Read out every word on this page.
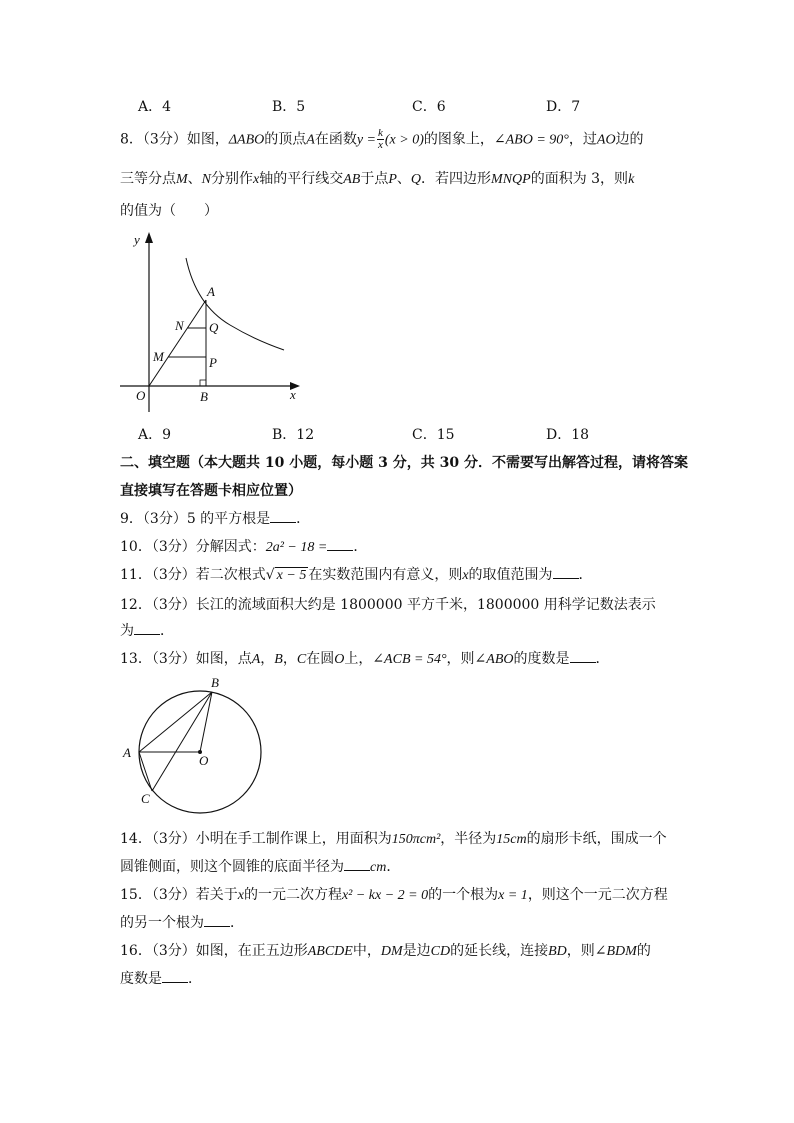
A．4	B．5	C．6	D．7
8．（3分）如图，ΔABO的顶点A在函数$y = \frac{k}{x} (x > 0)$的图象上，∠ABO = 90°，过AO边的
三等分点M、N分别作x轴的平行线交AB于点P、Q．若四边形MNQP的面积为 3，则k
的值为（　　）
y
x
O
A
B
N Q
M	P
B
A
O
C
A．9	B．12	C．15	D．18
二、填空题（本大题共 10 小题，每小题 3 分，共 30 分．不需要写出解答过程，请将答案
直接填写在答题卡相应位置）
9．（3分）5 的平方根是 ．
10．（3分）分解因式：2a² − 18 = ．
11．（3分）若二次根式√ x − 5 在实数范围内有意义，则x的取值范围为 ．
12．（3分）长江的流域面积大约是 1800000 平方千米，1800000 用科学记数法表示
为 ．
13．（3分）如图，点A，B，C在圆O上，∠ACB = 54°，则∠ABO的度数是 ．
14．（3分）小明在手工制作课上，用面积为150πcm²，半径为15cm的扇形卡纸，围成一个
圆锥侧面，则这个圆锥的底面半径为 cm．
15．（3分）若关于x的一元二次方程x² − kx − 2 = 0的一个根为x = 1，则这个一元二次方程
的另一个根为 ．
16．（3分）如图，在正五边形ABCDE中，DM是边CD的延长线，连接BD，则∠BDM的
度数是 ．
